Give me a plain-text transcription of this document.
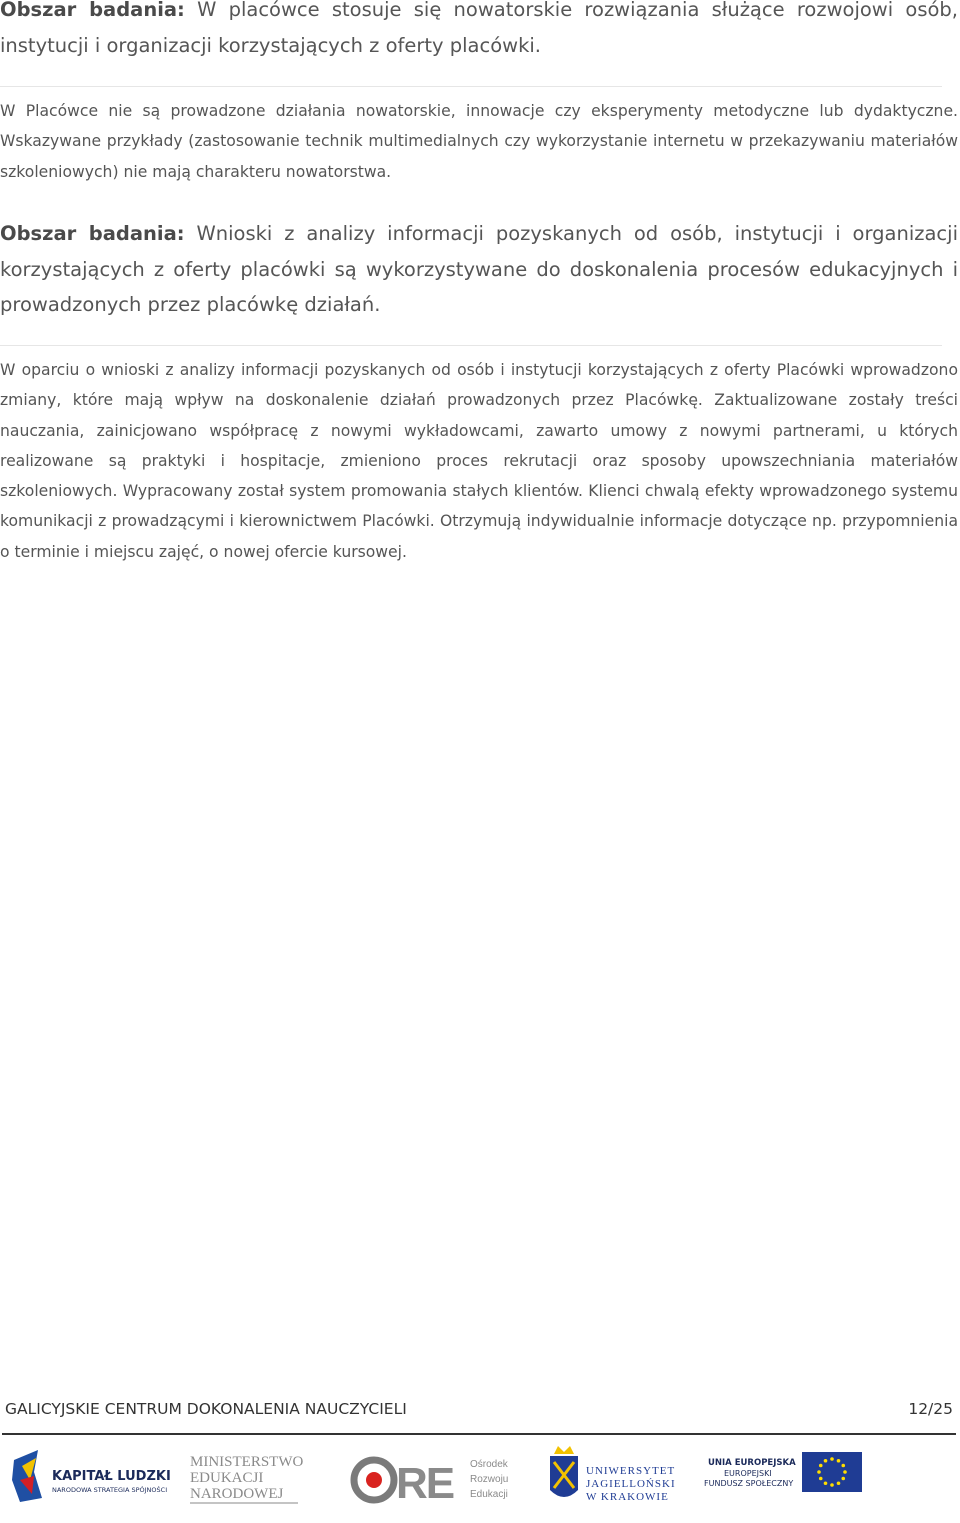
Obszar badania: W placówce stosuje się nowatorskie rozwiązania służące rozwojowi osób, instytucji i organizacji korzystających z oferty placówki.

W Placówce nie są prowadzone działania nowatorskie, innowacje czy eksperymenty metodyczne lub dydaktyczne. Wskazywane przykłady (zastosowanie technik multimedialnych czy wykorzystanie internetu w przekazywaniu materiałów szkoleniowych) nie mają charakteru nowatorstwa.

Obszar badania: Wnioski z analizy informacji pozyskanych od osób, instytucji i organizacji korzystających z oferty placówki są wykorzystywane do doskonalenia procesów edukacyjnych i prowadzonych przez placówkę działań.

W oparciu o wnioski z analizy informacji pozyskanych od osób i instytucji korzystających z oferty Placówki wprowadzono zmiany, które mają wpływ na doskonalenie działań prowadzonych przez Placówkę. Zaktualizowane zostały treści nauczania, zainicjowano współpracę z nowymi wykładowcami, zawarto umowy z nowymi partnerami, u których realizowane są praktyki i hospitacje, zmieniono proces rekrutacji oraz sposoby upowszechniania materiałów szkoleniowych. Wypracowany został system promowania stałych klientów. Klienci chwalą efekty wprowadzonego systemu komunikacji z prowadzącymi i kierownictwem Placówki. Otrzymują indywidualnie informacje dotyczące np. przypomnienia o terminie i miejscu zajęć, o nowej ofercie kursowej.

GALICYJSKIE CENTRUM DOKONALENIA NAUCZYCIELI	12/25
KAPITAŁ LUDZKI
NARODOWA STRATEGIA SPÓJNOŚCI
MINISTERSTWO
EDUKACJI
NARODOWEJ	RE Ośrodek
Rozwoju
Edukacji
UNIWERSYTET
JAGIELLOŃSKI
W KRAKOWIE
UNIA EUROPEJSKA
EUROPEJSKI
FUNDUSZ SPOŁECZNY
